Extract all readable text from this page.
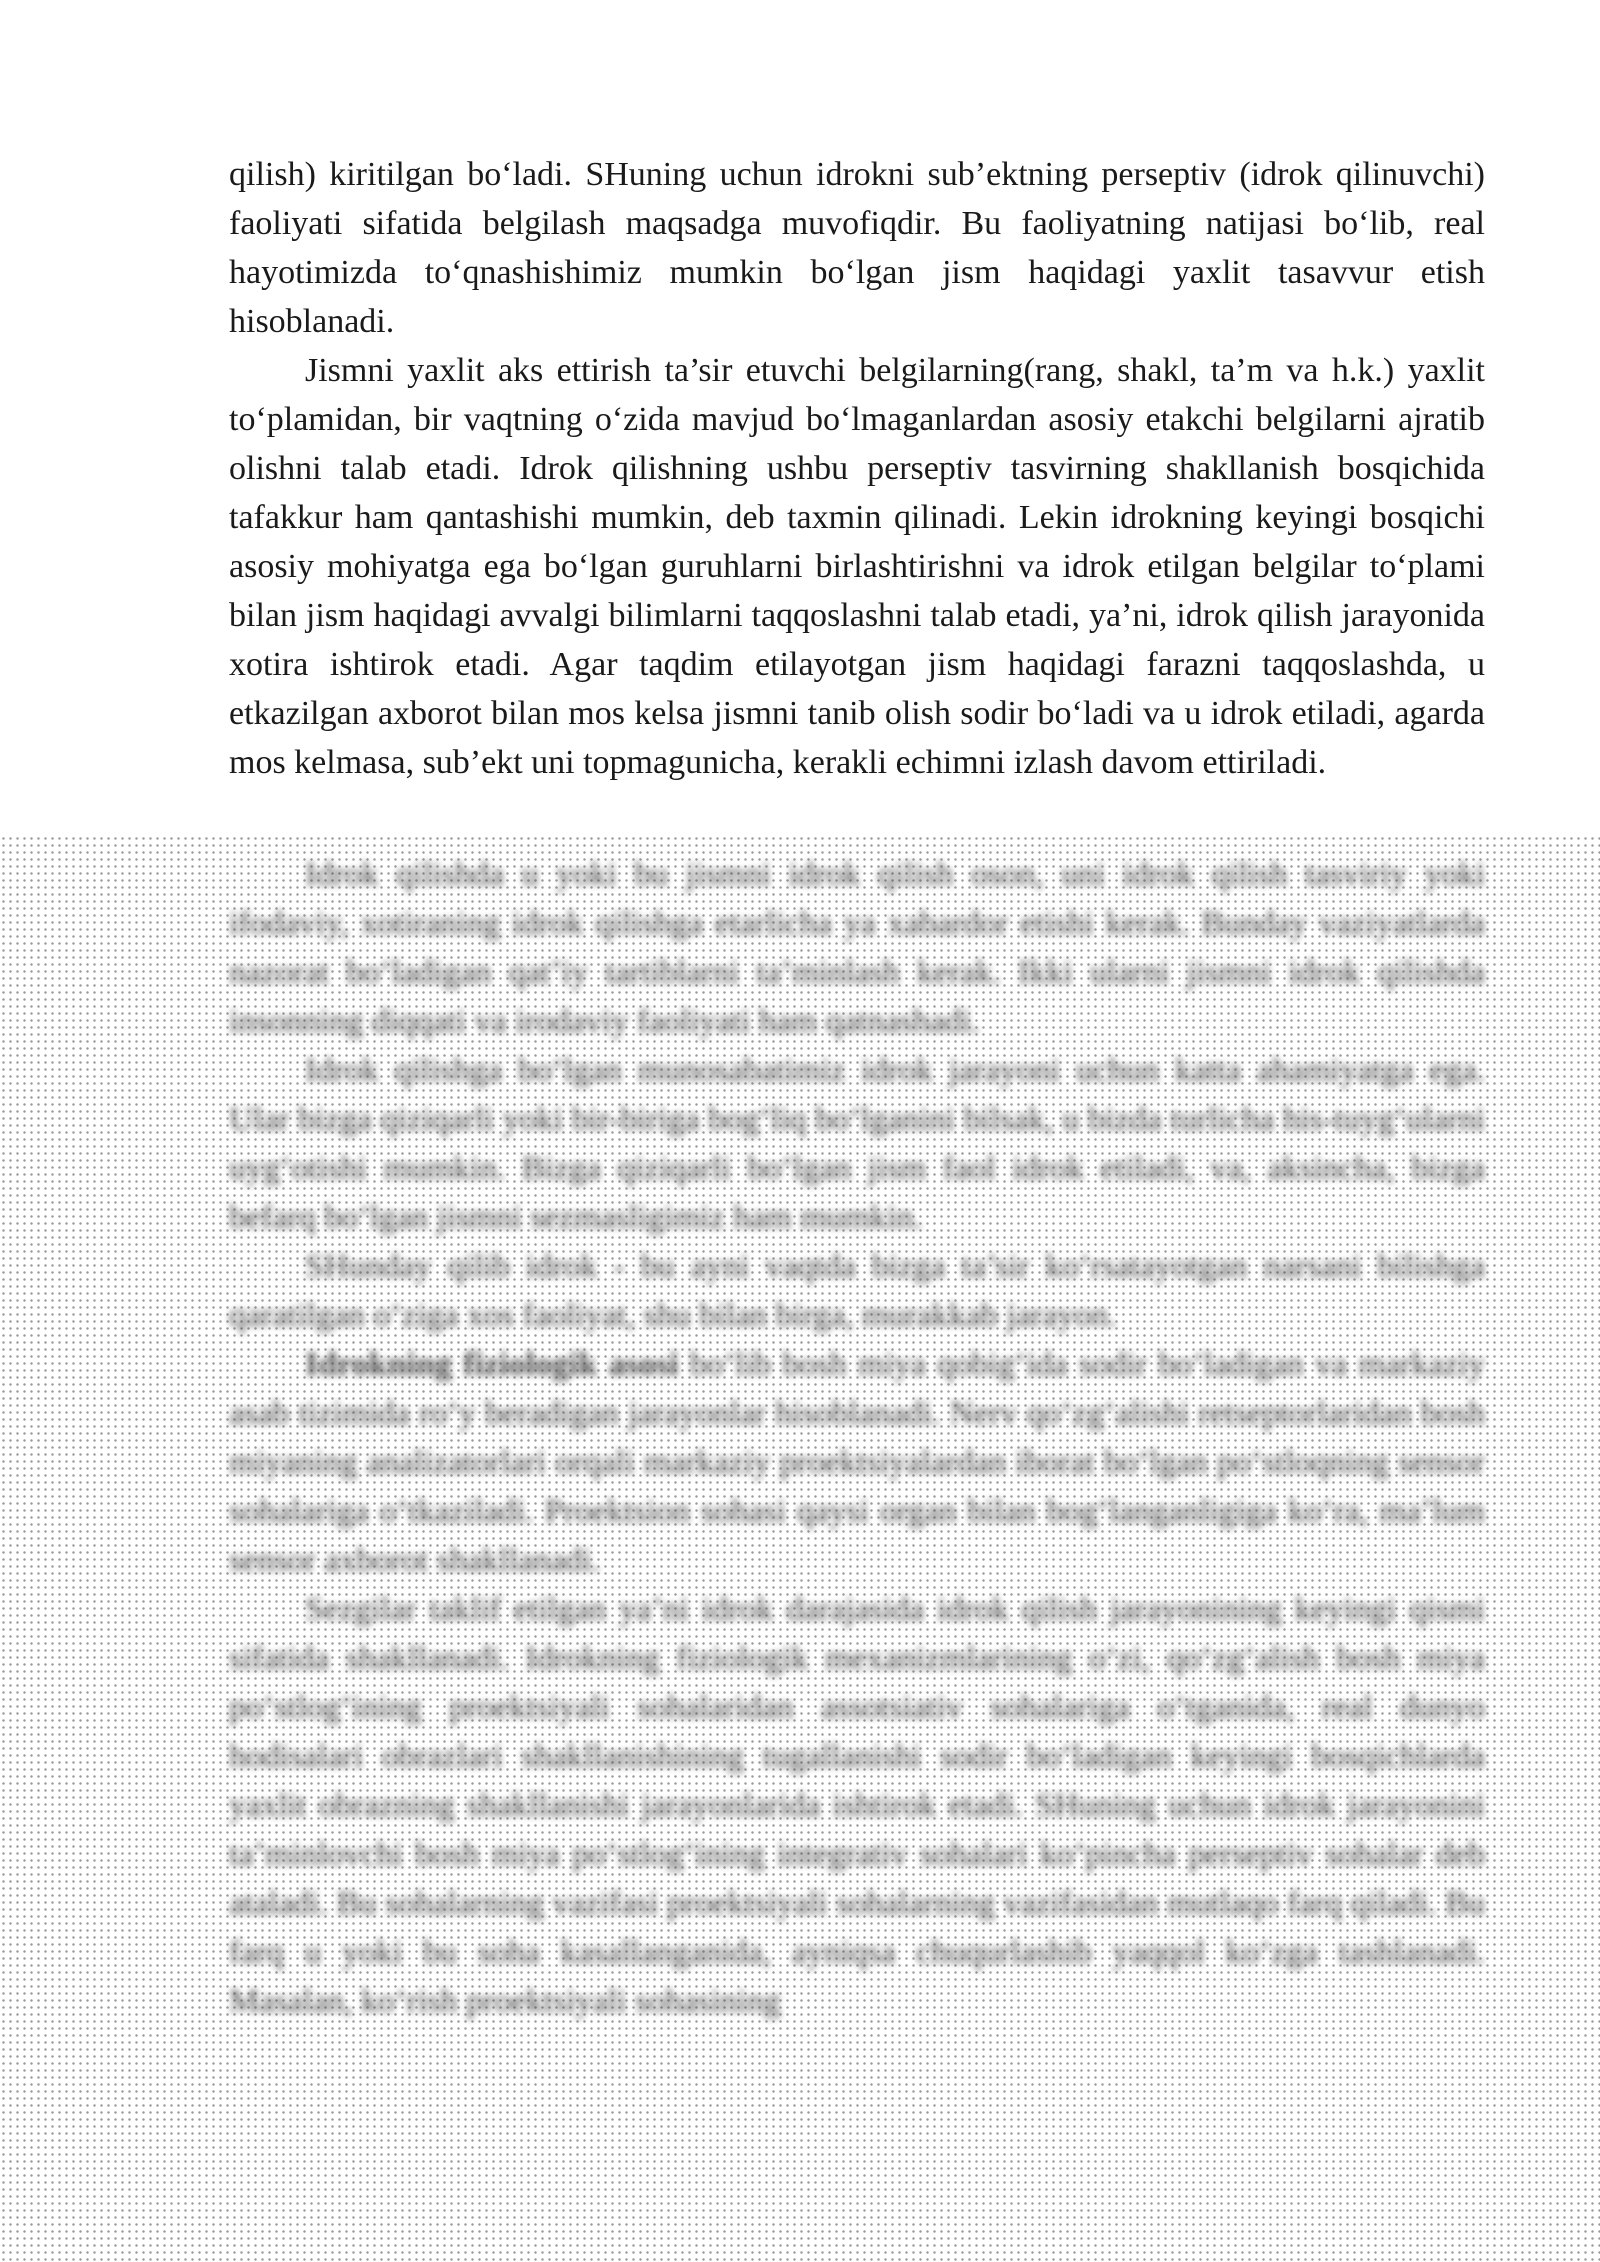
qilish) kiritilgan bo‘ladi. SHuning uchun idrokni sub’ektning perseptiv (idrok qilinuvchi) faoliyati sifatida belgilash maqsadga muvofiqdir. Bu faoliyatning natijasi bo‘lib, real hayotimizda to‘qnashishimiz mumkin bo‘lgan jism haqidagi yaxlit tasavvur etish hisoblanadi.

Jismni yaxlit aks ettirish ta’sir etuvchi belgilarning(rang, shakl, ta’m va h.k.) yaxlit to‘plamidan, bir vaqtning o‘zida mavjud bo‘lmaganlardan asosiy etakchi belgilarni ajratib olishni talab etadi. Idrok qilishning ushbu perseptiv tasvirning shakllanish bosqichida tafakkur ham qantashishi mumkin, deb taxmin qilinadi. Lekin idrokning keyingi bosqichi asosiy mohiyatga ega bo‘lgan guruhlarni birlashtirishni va idrok etilgan belgilar to‘plami bilan jism haqidagi avvalgi bilimlarni taqqoslashni talab etadi, ya’ni, idrok qilish jarayonida xotira ishtirok etadi. Agar taqdim etilayotgan jism haqidagi farazni taqqoslashda, u etkazilgan axborot bilan mos kelsa jismni tanib olish sodir bo‘ladi va u idrok etiladi, agarda mos kelmasa, sub’ekt uni topmagunicha, kerakli echimni izlash davom ettiriladi.

Idrok qilishda u yoki bu jismni idrok qilish oson, uni idrok qilish tasviriy yoki ifodaviy, xotiraning idrok qilishga etarlicha ya xabardor etishi kerak. Bunday vaziyatlarda nazorat bo‘ladigan qat’iy tartiblarni ta’minlash kerak. Ikki ularni jismni idrok qilishda insonning diqqati va irodaviy faoliyati ham qatnashadi.

Idrok qilishga bo‘lgan munosabatimiz idrok jarayoni uchun katta ahamiyatga ega. Ular bizga qiziqarli yoki bir-biriga bog‘liq bo‘lganini bilsak, u bizda turlicha his-tuyg‘ularni uyg‘otishi mumkin. Bizga qiziqarli bo‘lgan jism faol idrok etiladi, va, aksincha, bizga befarq bo‘lgan jismni sezmasligimiz ham mumkin.

SHunday qilib idrok - bu ayni vaqtda bizga ta’sir ko‘rsatayotgan narsani bilishga qaratilgan o‘ziga xos faoliyat, shu bilan birga, murakkab jarayon.

Idrokning fiziologik asosi bo‘lib bosh miya qobig‘ida sodir bo‘ladigan va markaziy asab tizimida ro‘y beradigan jarayonlar hisoblanadi. Nerv qo‘zg‘alishi retseptorlaridan bosh miyaning analizatorlari orqali markaziy proektsiyalardan iborat bo‘lgan po‘stloqning sensor sohalariga o‘tkaziladi. Proektsion sohasi qaysi organ bilan bog‘langanligiga ko‘ra, ma’lum sensor axborot shakllanadi.

Sezgilar taklif etilgan ya’ni idrok darajasida idrok qilish jarayonining keyingi qismi sifatida shakllanadi. Idrokning fiziologik mexanizmlarining o‘zi, qo‘zg‘alish bosh miya po‘stlog‘ining proektsiyali sohalaridan assotsiativ sohalariga o‘tganida, real dunyo hodisalari obrazlari shakllanishining tugallanishi sodir bo‘ladigan keyingi bosqichlarda yaxlit obrazning shakllanishi jarayonlarida ishtirok etadi. SHuning uchun idrok jarayonini ta’minlovchi bosh miya po‘stlog‘ining integrativ sohalari ko‘pincha perseptiv sohalar deb ataladi. Bu sohalarning vazifasi proektsiyali sohalarning vazifasidan mutlaqo farq qiladi. Bu farq u yoki bu soha kasallanganida, ayniqsa chuqurlashib yaqqol ko‘zga tashlanadi. Masalan, ko‘rish proektsiyali sohasining
